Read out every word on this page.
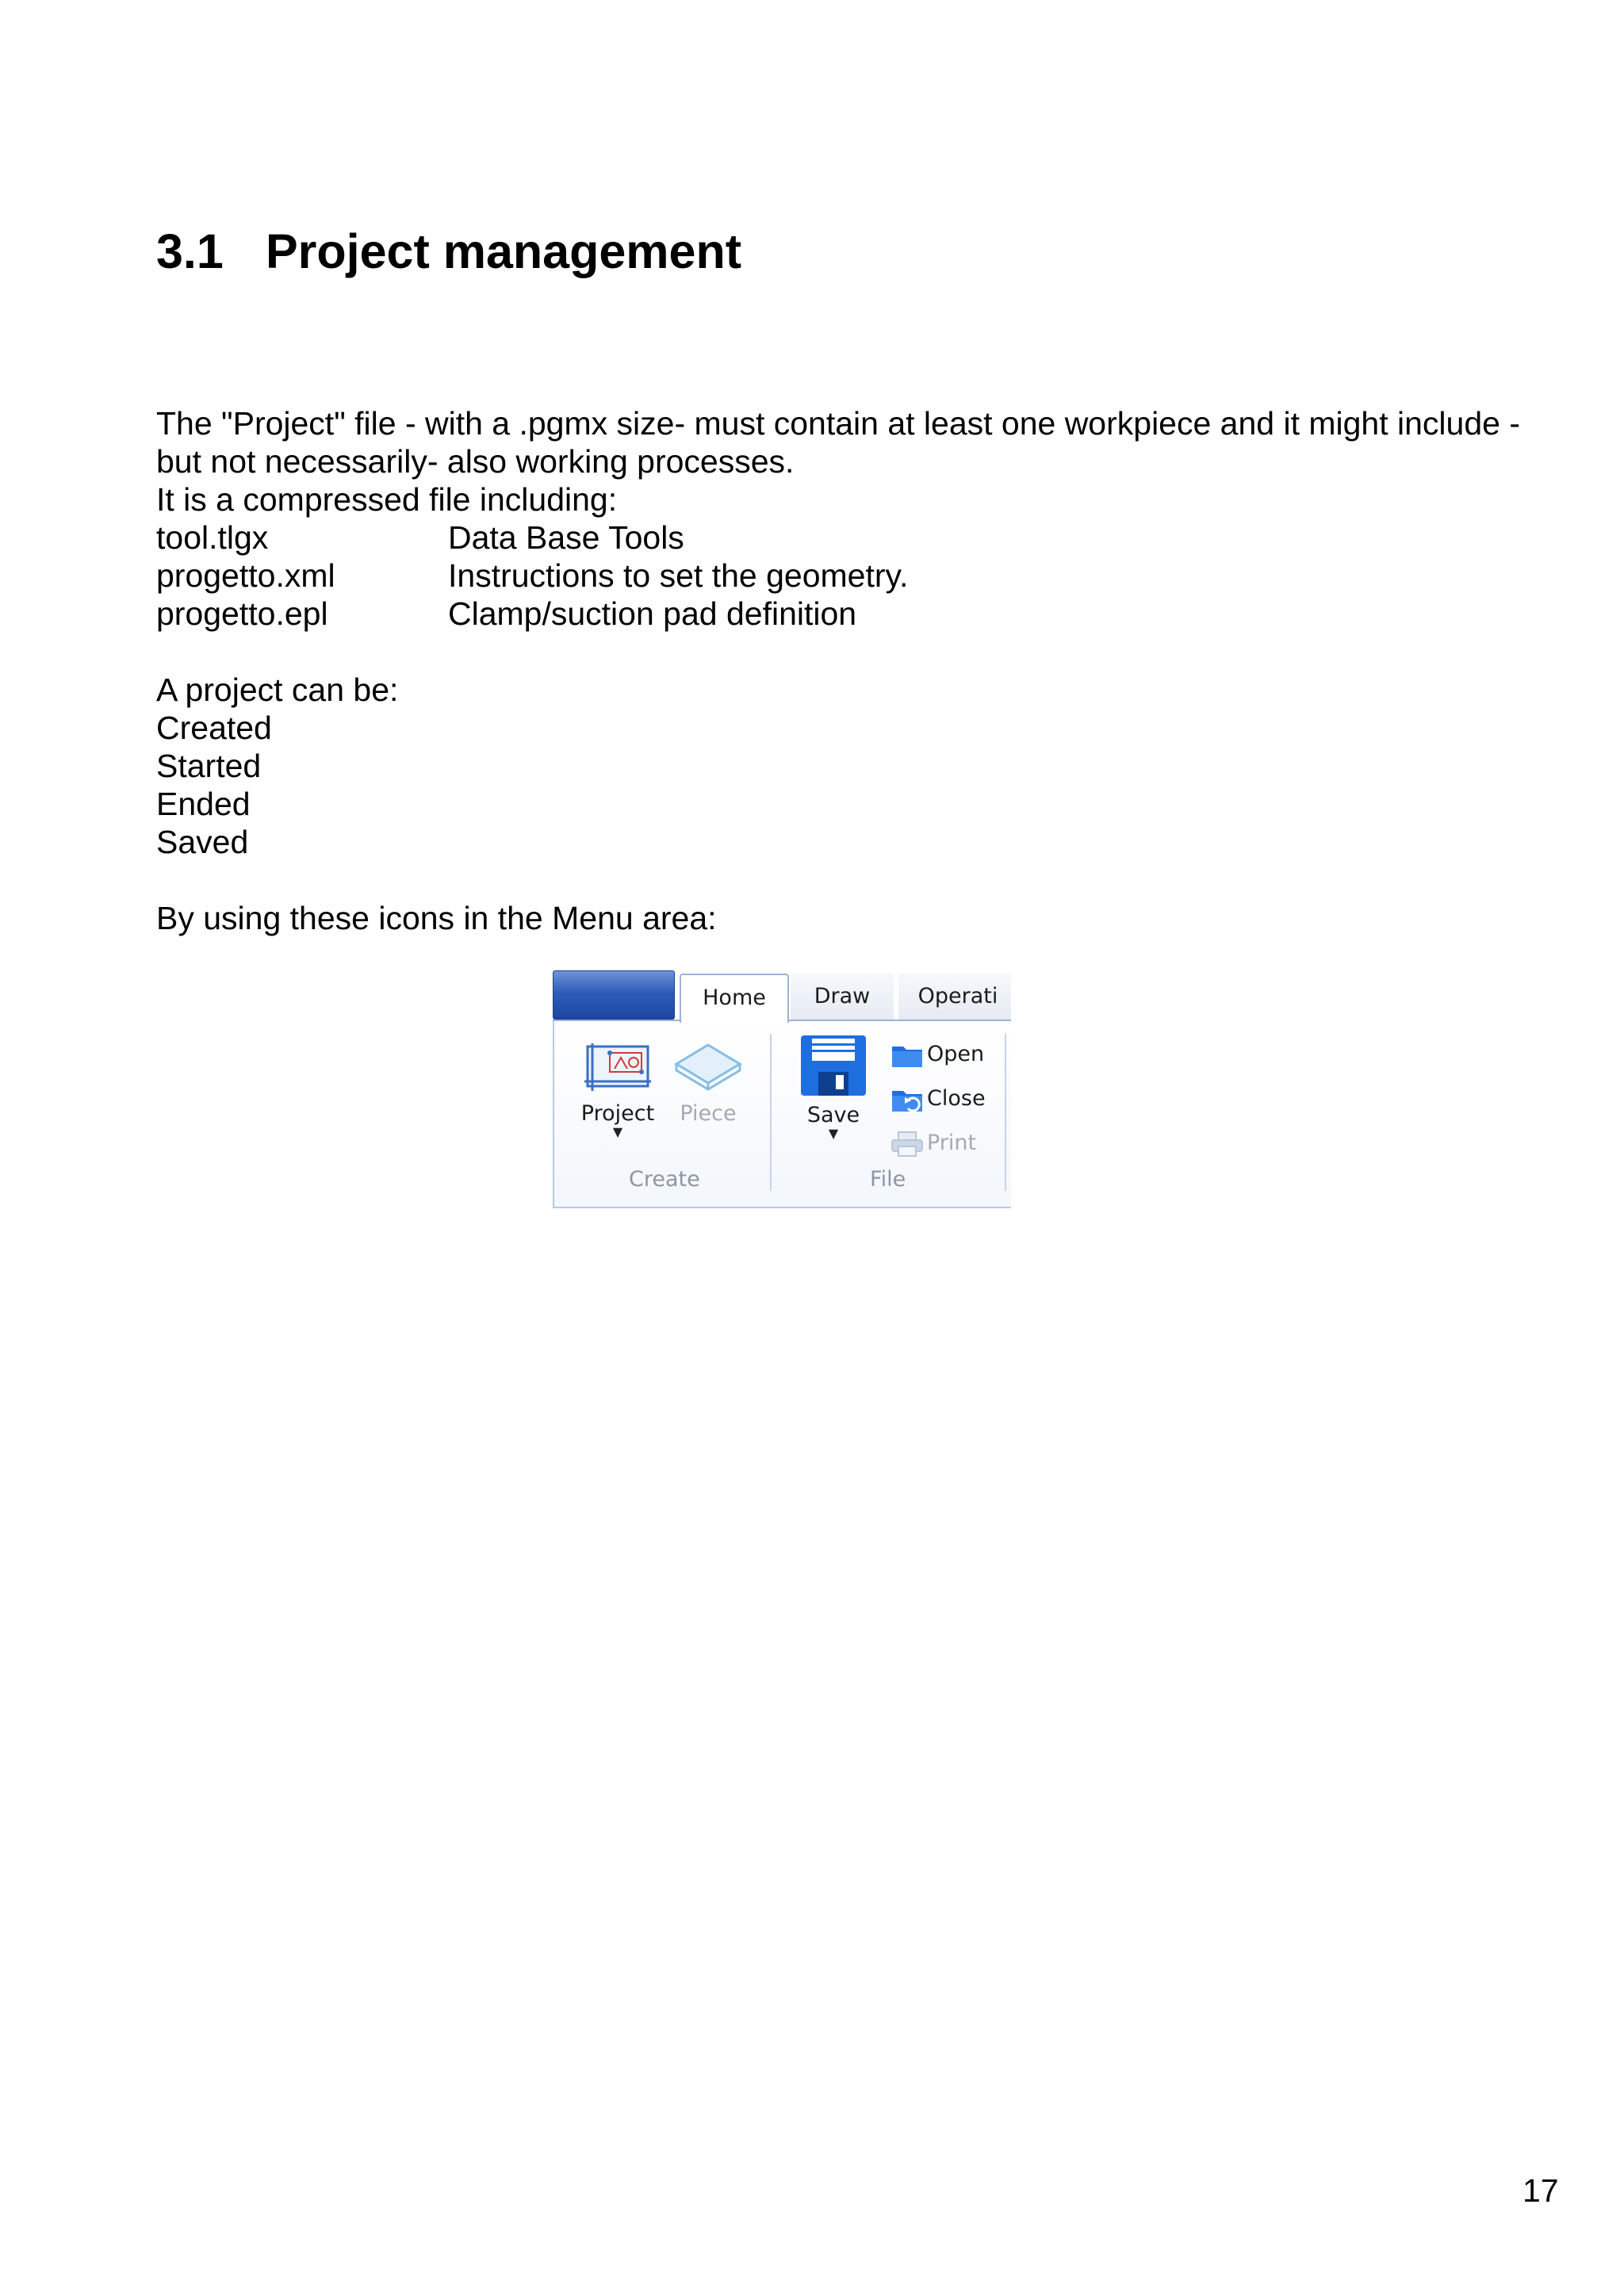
3.1 Project management
The "Project" file - with a .pgmx size- must contain at least one workpiece and it might include -
but not necessarily- also working processes.
It is a compressed file including:
tool.tlgx	Data Base Tools
progetto.xml	Instructions to set the geometry.
progetto.epl	Clamp/suction pad definition
A project can be:
Created
Started
Ended
Saved
By using these icons in the Menu area:
Home	Draw	Operati
Project
▼
Piece
Create
Save
▼
Open
Close
Print
File
17
